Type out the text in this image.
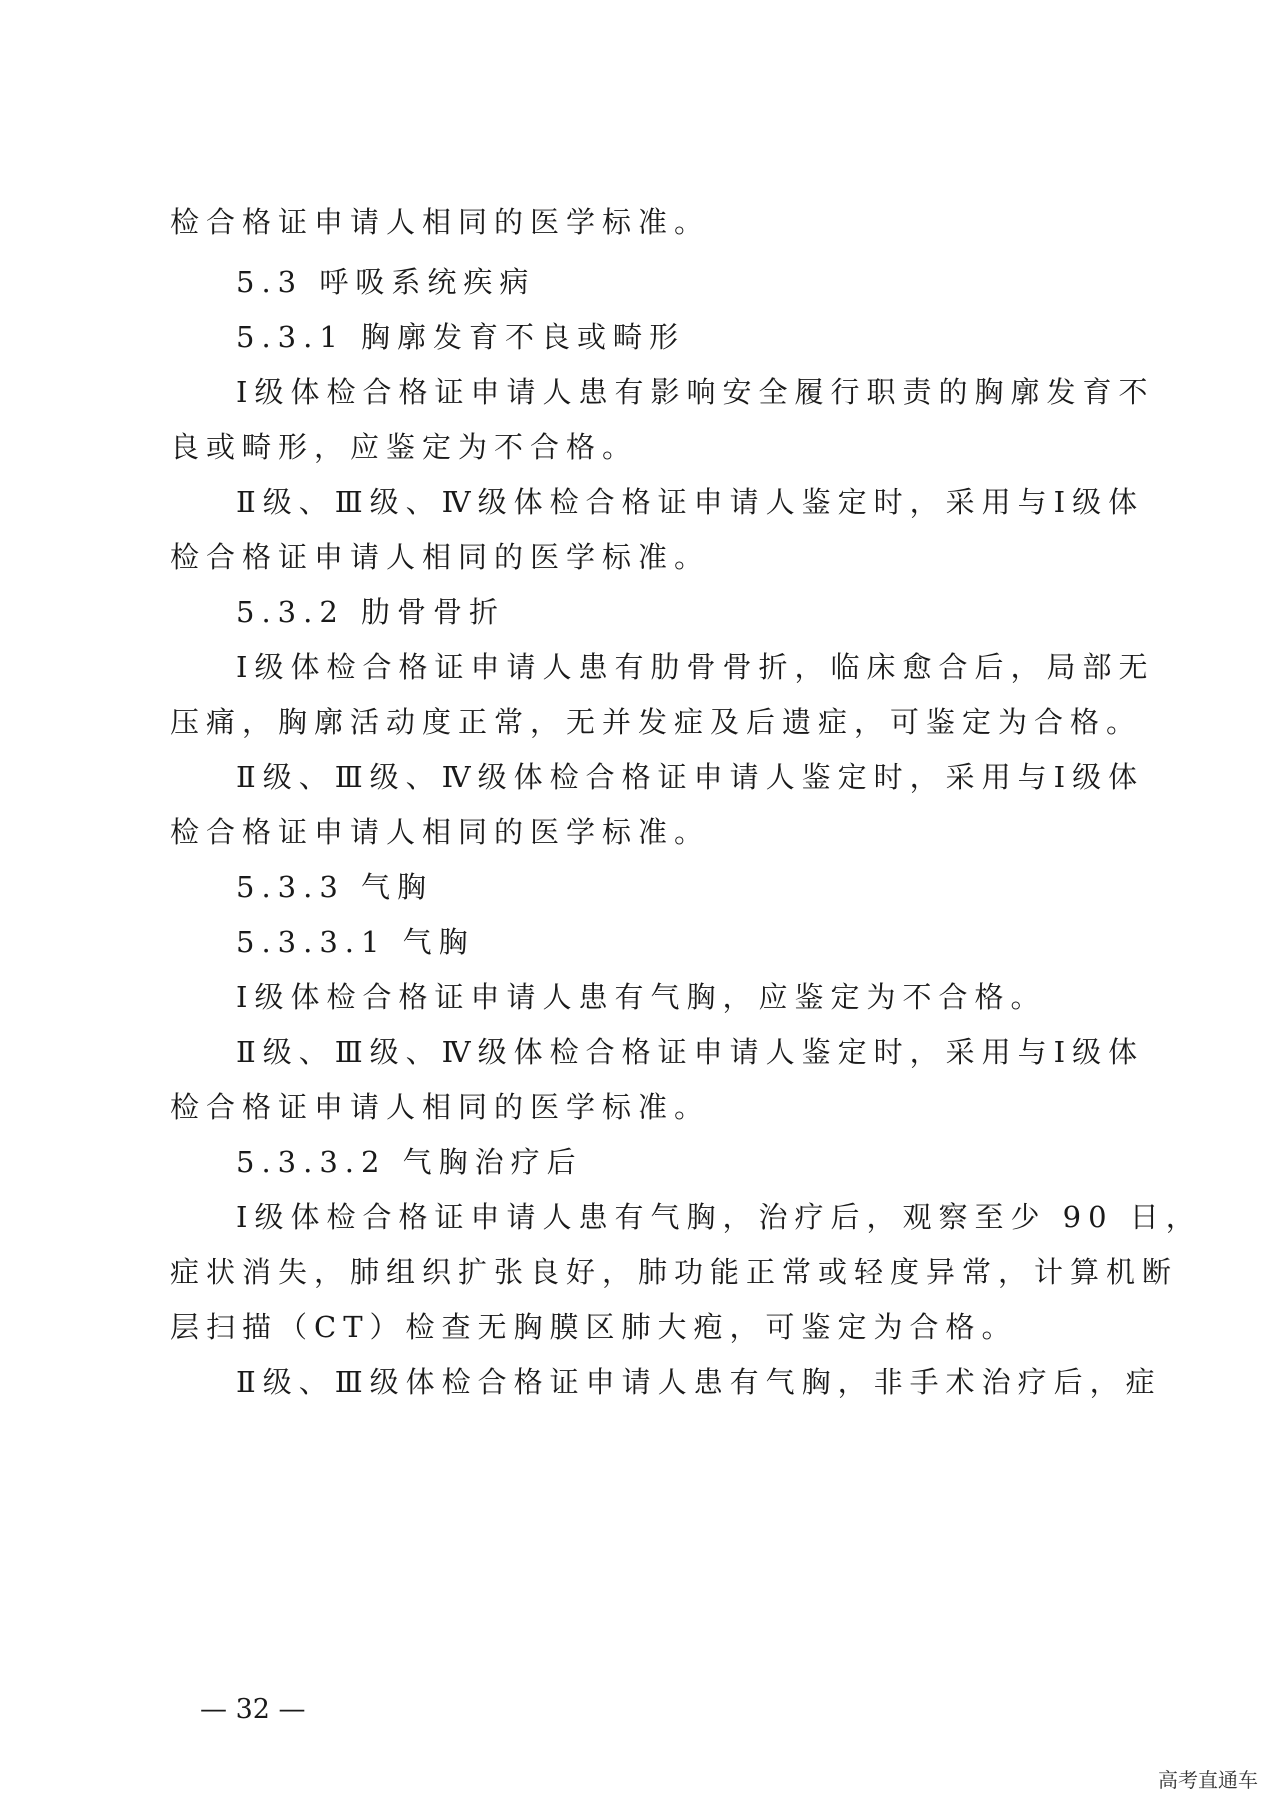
检合格证申请人相同的医学标准。
5.3 呼吸系统疾病
5.3.1 胸廓发育不良或畸形
Ⅰ级体检合格证申请人患有影响安全履行职责的胸廓发育不
良或畸形，应鉴定为不合格。
Ⅱ级、Ⅲ级、Ⅳ级体检合格证申请人鉴定时，采用与Ⅰ级体
检合格证申请人相同的医学标准。
5.3.2 肋骨骨折
Ⅰ级体检合格证申请人患有肋骨骨折，临床愈合后，局部无
压痛，胸廓活动度正常，无并发症及后遗症，可鉴定为合格。
Ⅱ级、Ⅲ级、Ⅳ级体检合格证申请人鉴定时，采用与Ⅰ级体
检合格证申请人相同的医学标准。
5.3.3 气胸
5.3.3.1 气胸
Ⅰ级体检合格证申请人患有气胸，应鉴定为不合格。
Ⅱ级、Ⅲ级、Ⅳ级体检合格证申请人鉴定时，采用与Ⅰ级体
检合格证申请人相同的医学标准。
5.3.3.2 气胸治疗后
Ⅰ级体检合格证申请人患有气胸，治疗后，观察至少 90 日，
症状消失，肺组织扩张良好，肺功能正常或轻度异常，计算机断
层扫描（CT）检查无胸膜区肺大疱，可鉴定为合格。
Ⅱ级、Ⅲ级体检合格证申请人患有气胸，非手术治疗后，症
— 32 —
高考直通车
